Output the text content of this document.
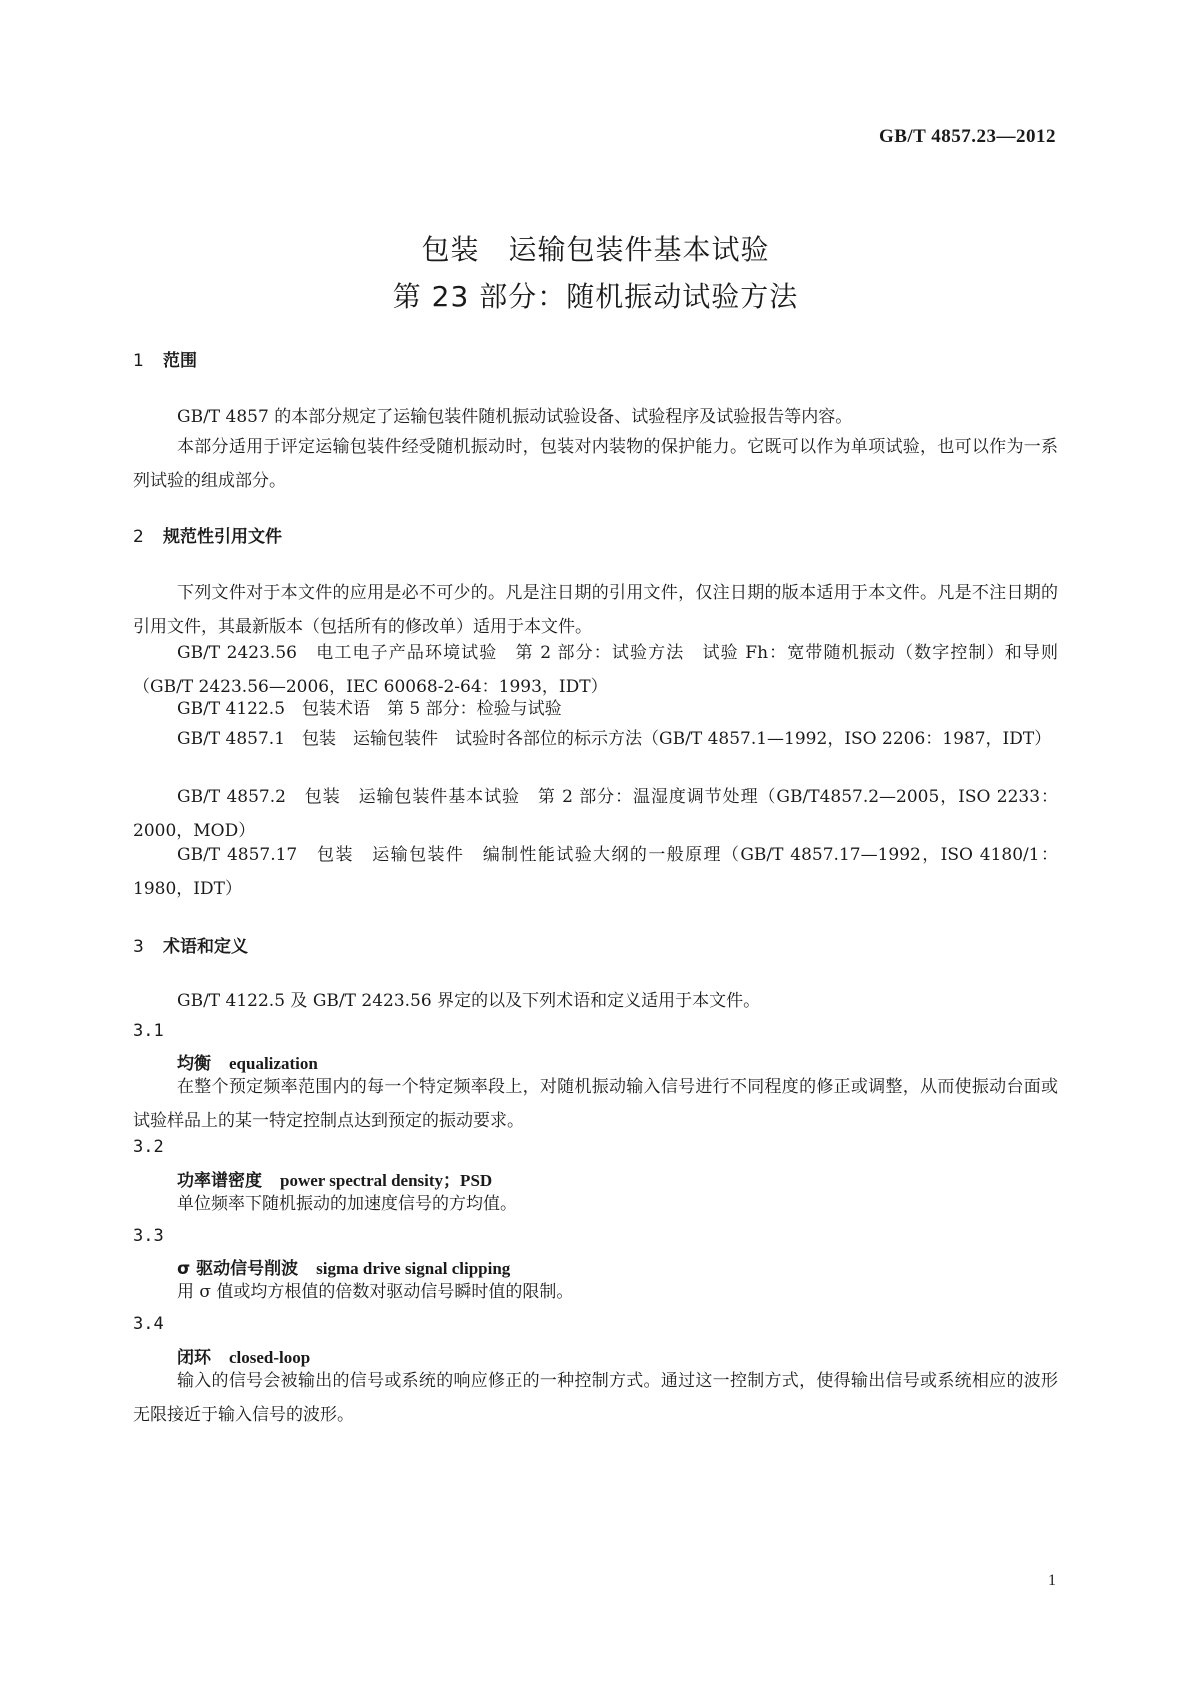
GB/T 4857.23—2012
包装　运输包装件基本试验
第 23 部分：随机振动试验方法
1 范围
GB/T 4857 的本部分规定了运输包装件随机振动试验设备、试验程序及试验报告等内容。
本部分适用于评定运输包装件经受随机振动时，包装对内装物的保护能力。它既可以作为单项试验，也可以作为一系列试验的组成部分。
2 规范性引用文件
下列文件对于本文件的应用是必不可少的。凡是注日期的引用文件，仅注日期的版本适用于本文件。凡是不注日期的引用文件，其最新版本（包括所有的修改单）适用于本文件。
GB/T 2423.56　电工电子产品环境试验　第 2 部分：试验方法　试验 Fh：宽带随机振动（数字控制）和导则（GB/T 2423.56—2006，IEC 60068-2-64：1993，IDT）
GB/T 4122.5　包装术语　第 5 部分：检验与试验
GB/T 4857.1　包装　运输包装件　试验时各部位的标示方法（GB/T 4857.1—1992，ISO 2206：1987，IDT）
GB/T 4857.2　包装　运输包装件基本试验　第 2 部分：温湿度调节处理（GB/T4857.2—2005，ISO 2233：2000，MOD）
GB/T 4857.17　包装　运输包装件　编制性能试验大纲的一般原理（GB/T 4857.17—1992，ISO 4180/1：1980，IDT）
3 术语和定义
GB/T 4122.5 及 GB/T 2423.56 界定的以及下列术语和定义适用于本文件。
3.1
均衡 equalization
在整个预定频率范围内的每一个特定频率段上，对随机振动输入信号进行不同程度的修正或调整，从而使振动台面或试验样品上的某一特定控制点达到预定的振动要求。
3.2
功率谱密度 power spectral density；PSD
单位频率下随机振动的加速度信号的方均值。
3.3
σ 驱动信号削波 sigma drive signal clipping
用 σ 值或均方根值的倍数对驱动信号瞬时值的限制。
3.4
闭环 closed-loop
输入的信号会被输出的信号或系统的响应修正的一种控制方式。通过这一控制方式，使得输出信号或系统相应的波形无限接近于输入信号的波形。
1
